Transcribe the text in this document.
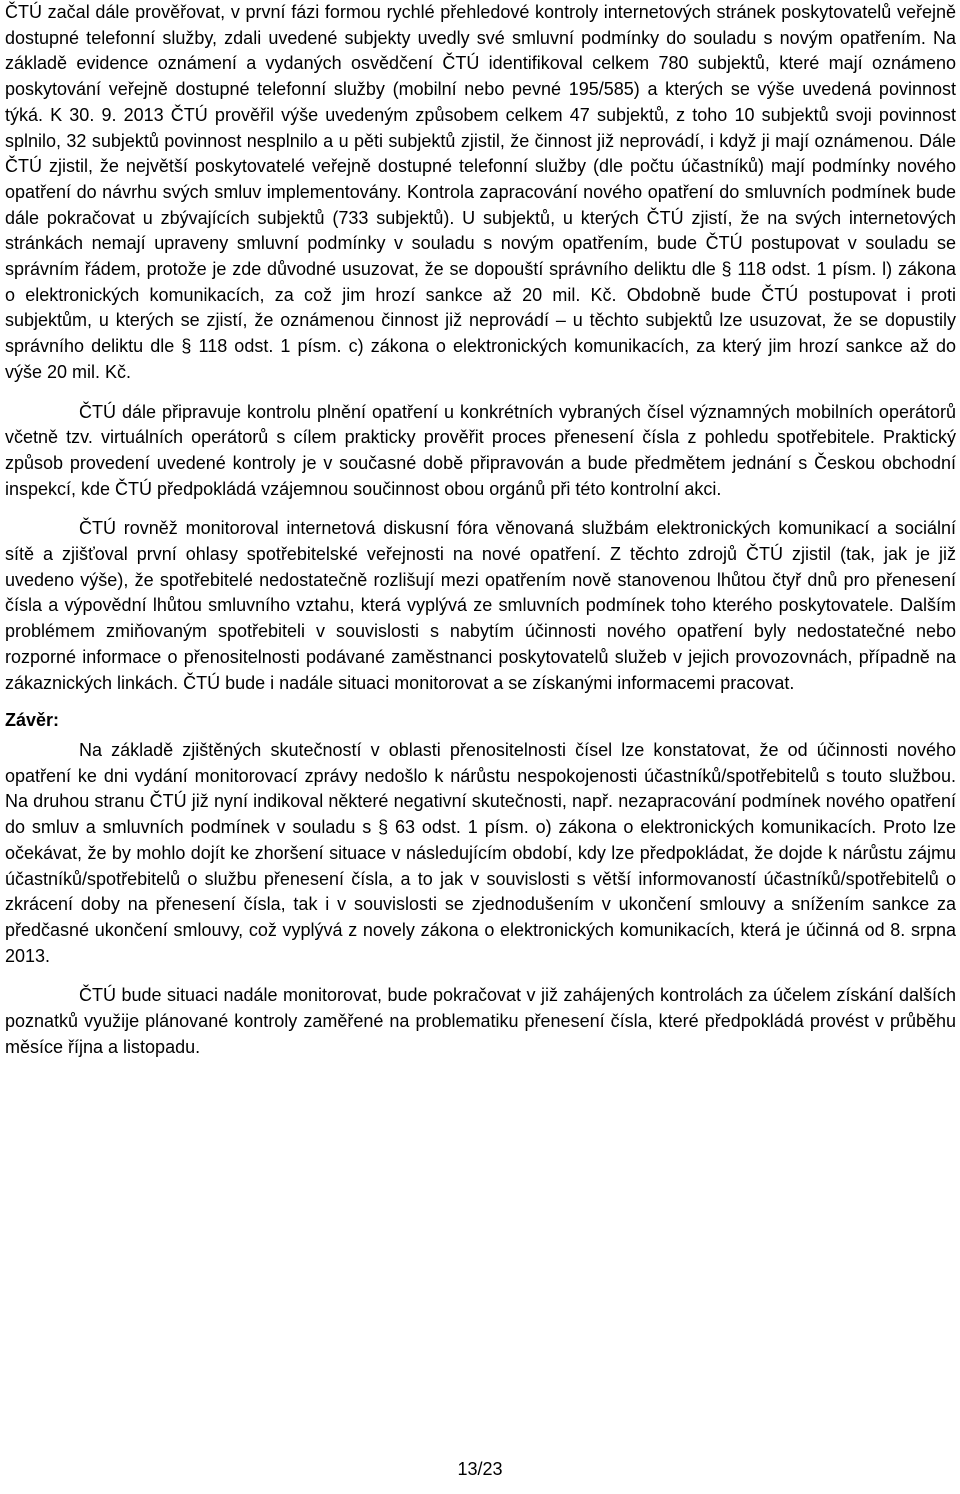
ČTÚ začal dále prověřovat, v první fázi formou rychlé přehledové kontroly internetových stránek poskytovatelů veřejně dostupné telefonní služby, zdali uvedené subjekty uvedly své smluvní podmínky do souladu s novým opatřením. Na základě evidence oznámení a vydaných osvědčení ČTÚ identifikoval celkem 780 subjektů, které mají oznámeno poskytování veřejně dostupné telefonní služby (mobilní nebo pevné 195/585) a kterých se výše uvedená povinnost týká. K 30. 9. 2013 ČTÚ prověřil výše uvedeným způsobem celkem 47 subjektů, z toho 10 subjektů svoji povinnost splnilo, 32 subjektů povinnost nesplnilo a u pěti subjektů zjistil, že činnost již neprovádí, i když ji mají oznámenou. Dále ČTÚ zjistil, že největší poskytovatelé veřejně dostupné telefonní služby (dle počtu účastníků) mají podmínky nového opatření do návrhu svých smluv implementovány. Kontrola zapracování nového opatření do smluvních podmínek bude dále pokračovat u zbývajících subjektů (733 subjektů). U subjektů, u kterých ČTÚ zjistí, že na svých internetových stránkách nemají upraveny smluvní podmínky v souladu s novým opatřením, bude ČTÚ postupovat v souladu se správním řádem, protože je zde důvodné usuzovat, že se dopouští správního deliktu dle § 118 odst. 1 písm. l) zákona o elektronických komunikacích, za což jim hrozí sankce až 20 mil. Kč. Obdobně bude ČTÚ postupovat i proti subjektům, u kterých se zjistí, že oznámenou činnost již neprovádí – u těchto subjektů lze usuzovat, že se dopustily správního deliktu dle § 118 odst. 1 písm. c) zákona o elektronických komunikacích, za který jim hrozí sankce až do výše 20 mil. Kč.

ČTÚ dále připravuje kontrolu plnění opatření u konkrétních vybraných čísel významných mobilních operátorů včetně tzv. virtuálních operátorů s cílem prakticky prověřit proces přenesení čísla z pohledu spotřebitele. Praktický způsob provedení uvedené kontroly je v současné době připravován a bude předmětem jednání s Českou obchodní inspekcí, kde ČTÚ předpokládá vzájemnou součinnost obou orgánů při této kontrolní akci.

ČTÚ rovněž monitoroval internetová diskusní fóra věnovaná službám elektronických komunikací a sociální sítě a zjišťoval první ohlasy spotřebitelské veřejnosti na nové opatření. Z těchto zdrojů ČTÚ zjistil (tak, jak je již uvedeno výše), že spotřebitelé nedostatečně rozlišují mezi opatřením nově stanovenou lhůtou čtyř dnů pro přenesení čísla a výpovědní lhůtou smluvního vztahu, která vyplývá ze smluvních podmínek toho kterého poskytovatele. Dalším problémem zmiňovaným spotřebiteli v souvislosti s nabytím účinnosti nového opatření byly nedostatečné nebo rozporné informace o přenositelnosti podávané zaměstnanci poskytovatelů služeb v jejich provozovnách, případně na zákaznických linkách. ČTÚ bude i nadále situaci monitorovat a se získanými informacemi pracovat.

Závěr:

Na základě zjištěných skutečností v oblasti přenositelnosti čísel lze konstatovat, že od účinnosti nového opatření ke dni vydání monitorovací zprávy nedošlo k nárůstu nespokojenosti účastníků/spotřebitelů s touto službou. Na druhou stranu ČTÚ již nyní indikoval některé negativní skutečnosti, např. nezapracování podmínek nového opatření do smluv a smluvních podmínek v souladu s § 63 odst. 1 písm. o) zákona o elektronických komunikacích. Proto lze očekávat, že by mohlo dojít ke zhoršení situace v následujícím období, kdy lze předpokládat, že dojde k nárůstu zájmu účastníků/spotřebitelů o službu přenesení čísla, a to jak v souvislosti s větší informovaností účastníků/spotřebitelů o zkrácení doby na přenesení čísla, tak i v souvislosti se zjednodušením v ukončení smlouvy a snížením sankce za předčasné ukončení smlouvy, což vyplývá z novely zákona o elektronických komunikacích, která je účinná od 8. srpna 2013.

ČTÚ bude situaci nadále monitorovat, bude pokračovat v již zahájených kontrolách za účelem získání dalších poznatků využije plánované kontroly zaměřené na problematiku přenesení čísla, které předpokládá provést v průběhu měsíce října a listopadu.

13/23
